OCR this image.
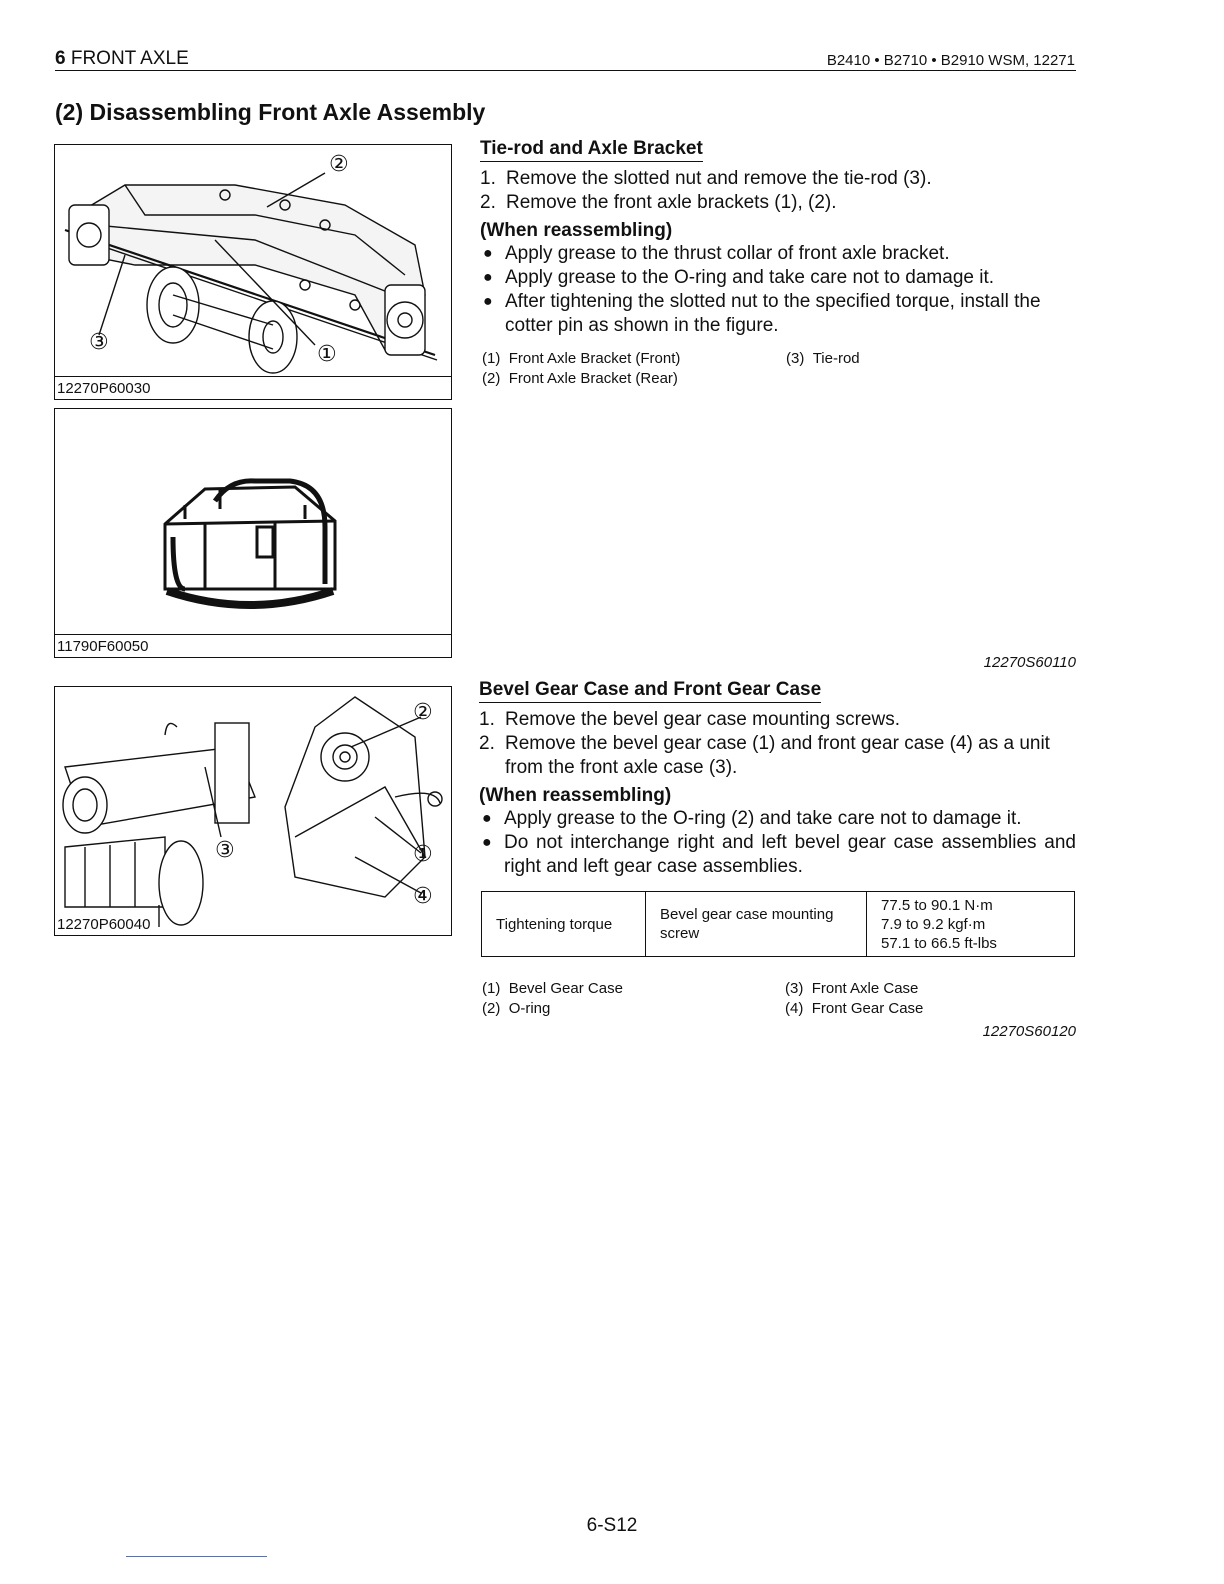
6 FRONT AXLE	B2410 • B2710 • B2910 WSM, 12271
(2) Disassembling Front Axle Assembly
②
③	①
12270P60030
11790F60050
②
③	①
④
12270P60040
Tie-rod and Axle Bracket
1. Remove the slotted nut and remove the tie-rod (3).
2. Remove the front axle brackets (1), (2).

(When reassembling)

● Apply grease to the thrust collar of front axle bracket.
● Apply grease to the O-ring and take care not to damage it.
● After tightening the slotted nut to the specified torque, install the cotter pin as shown in the figure.
(1) Front Axle Bracket (Front)
(2) Front Axle Bracket (Rear)
(3) Tie-rod
12270S60110
Bevel Gear Case and Front Gear Case
1. Remove the bevel gear case mounting screws.
2. Remove the bevel gear case (1) and front gear case (4) as a unit from the front axle case (3).

(When reassembling)

● Apply grease to the O-ring (2) and take care not to damage it.
● Do not interchange right and left bevel gear case assemblies and right and left gear case assemblies.
Tightening torque	Bevel gear case mounting screw	
77.5 to 90.1 N·m
7.9 to 9.2 kgf·m
57.1 to 66.5 ft-lbs
(1) Bevel Gear Case
(2) O-ring
(3) Front Axle Case
(4) Front Gear Case
12270S60120
6-S12
